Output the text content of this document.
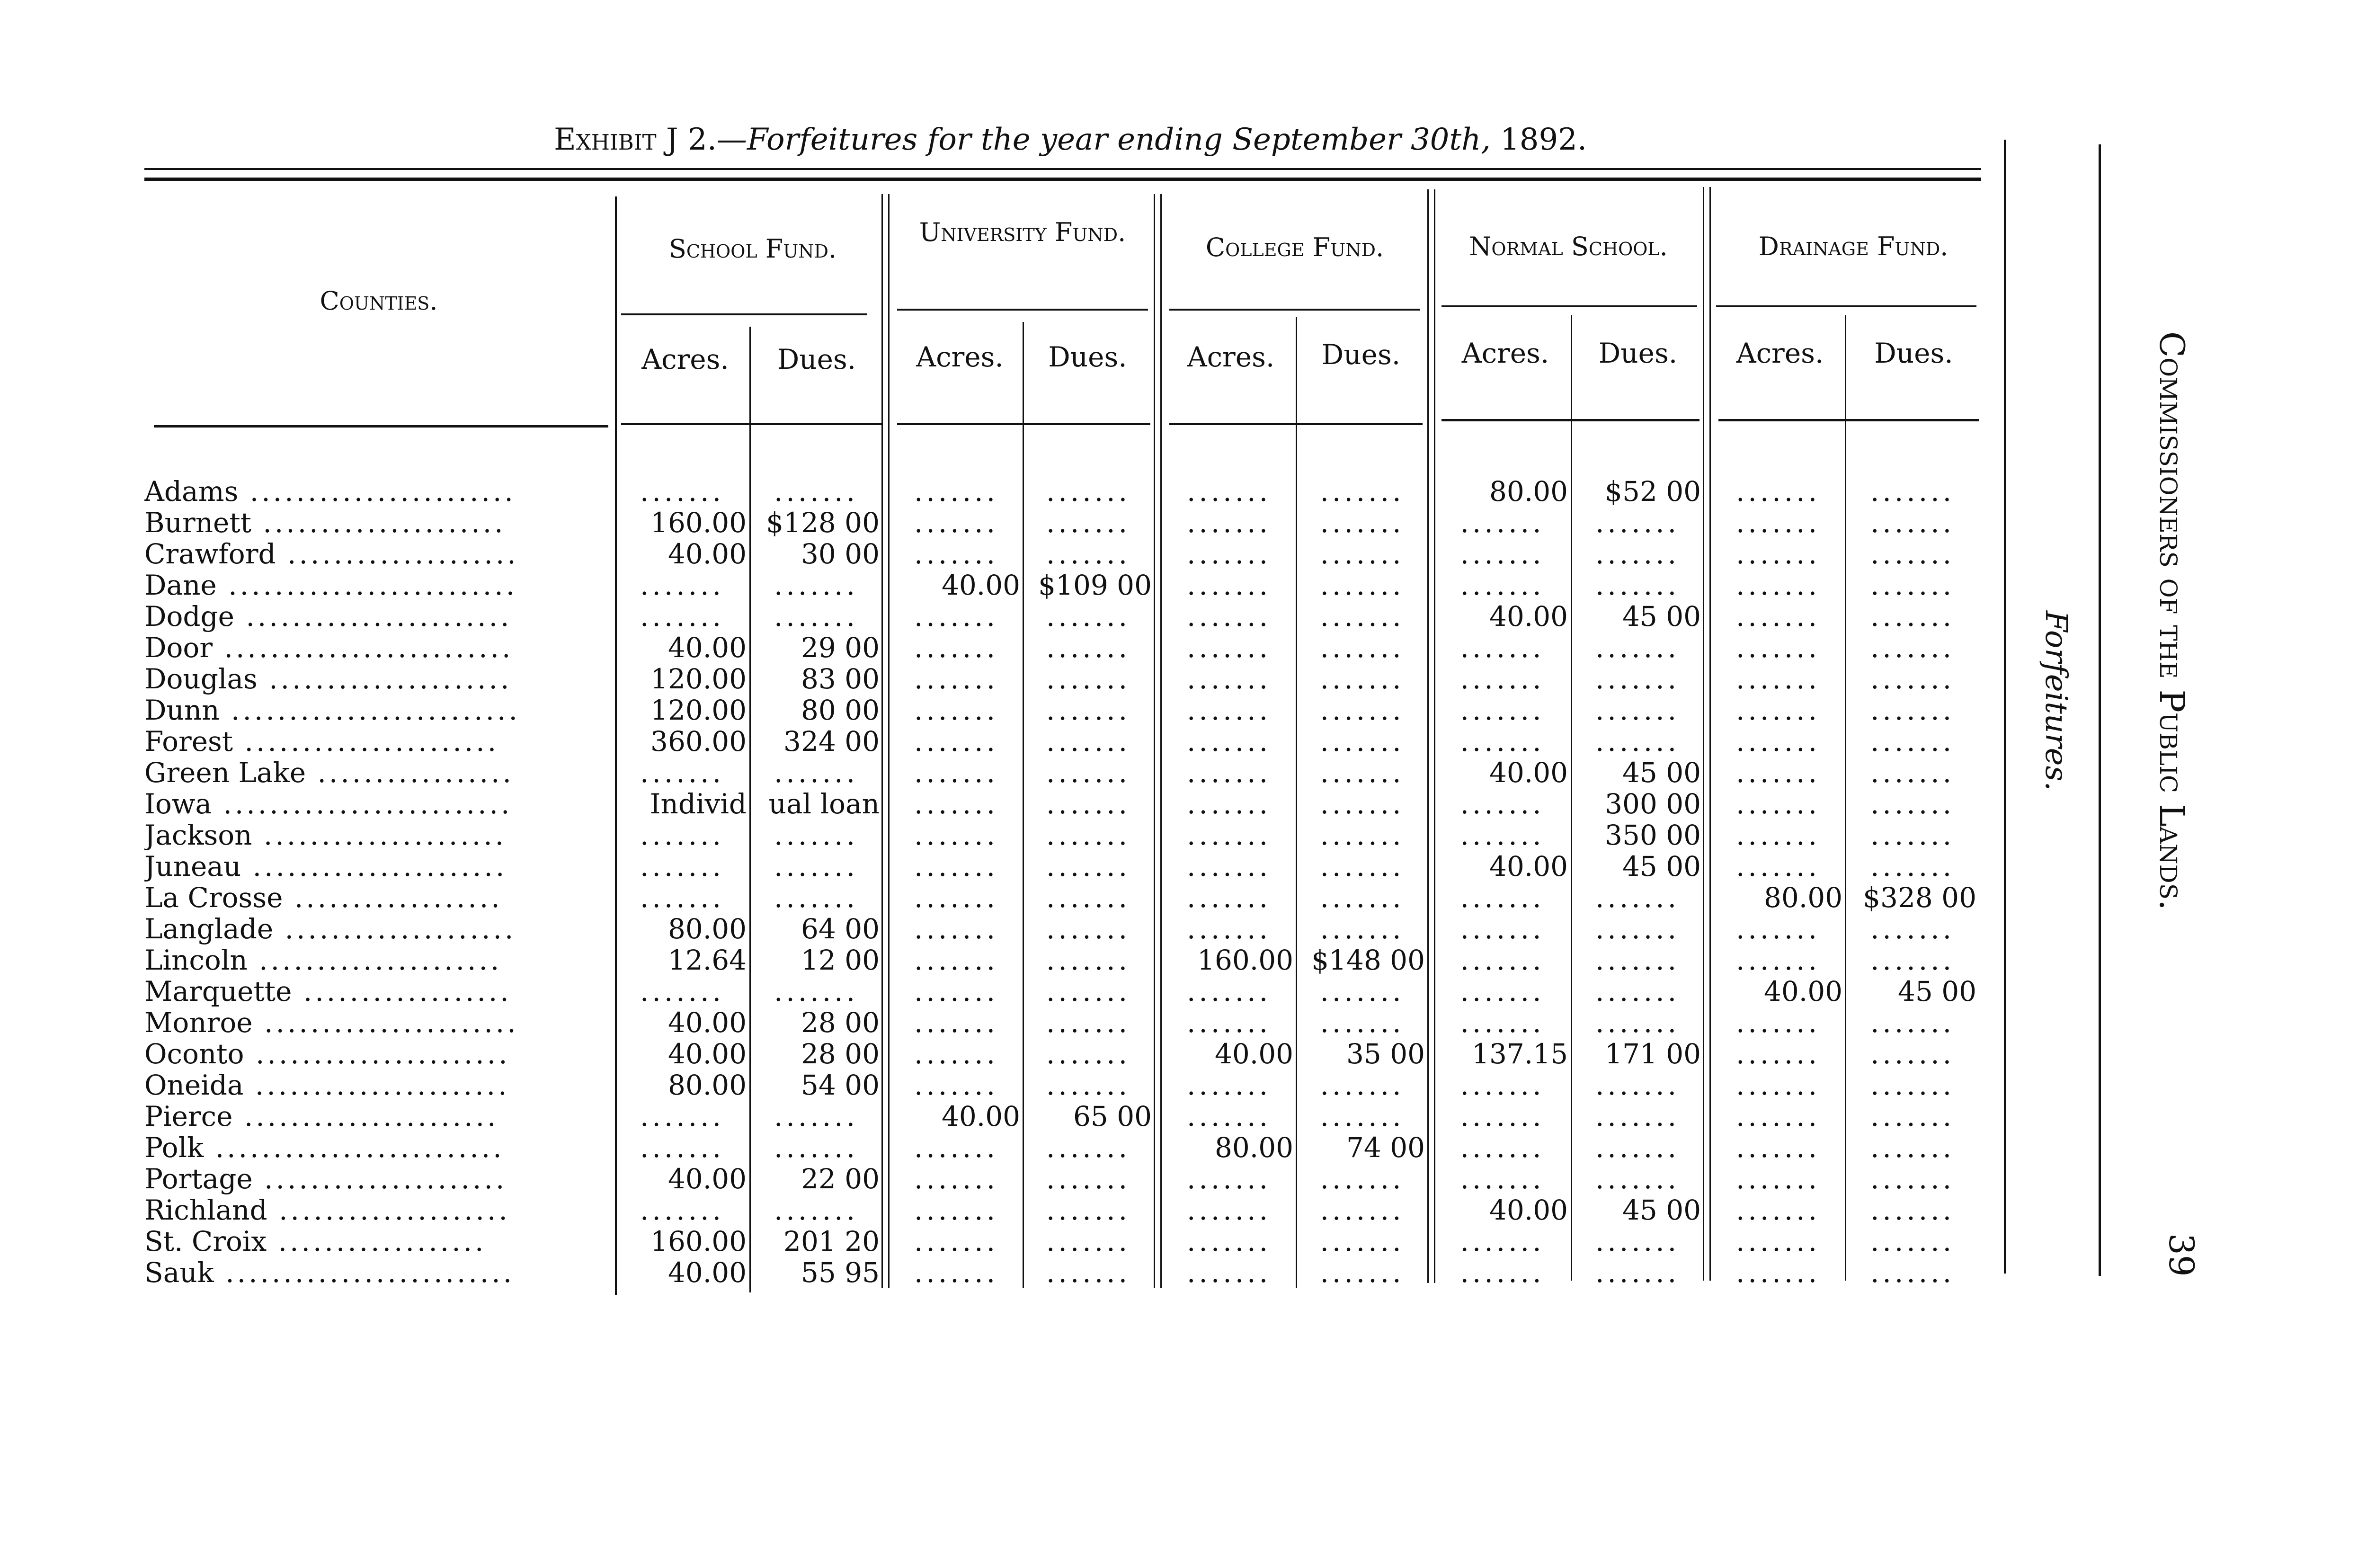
Exhibit J 2.—Forfeitures for the year ending September 30th, 1892.
Counties.
School Fund.
University Fund.
College Fund.	Normal School.	Drainage Fund.
Acres.	Dues.	Acres.	Dues.	Acres.	Dues.	Acres.	Dues.	Acres.	Dues.
Adams .......................	.......	.......	.......	.......	.......	.......	80.00	$52 00	.......	.......
Burnett .....................	160.00 $128 00	.......	.......	.......	.......	.......	.......	.......	.......
Crawford ....................	40.00	30 00	.......	.......	.......	.......	.......	.......	.......	.......
Dane .........................	.......	.......	40.00 $109 00	.......	.......	.......	.......	.......	.......
Dodge .......................	.......	.......	.......	.......	.......	.......	40.00	45 00	.......	.......
Door .........................	40.00	29 00	.......	.......	.......	.......	.......	.......	.......	.......
Douglas .....................	120.00	83 00	.......	.......	.......	.......	.......	.......	.......	.......
Dunn .........................	120.00	80 00	.......	.......	.......	.......	.......	.......	.......	.......
Forest ......................	360.00	324 00	.......	.......	.......	.......	.......	.......	.......	.......
Green Lake .................	.......	.......	.......	.......	.......	.......	40.00	45 00	.......	.......
Iowa .........................	Individ ual loan	.......	.......	.......	.......	.......	300 00	.......	.......
Jackson .....................	.......	.......	.......	.......	.......	.......	.......	350 00	.......	.......
Juneau ......................	.......	.......	.......	.......	.......	.......	40.00	45 00	.......	.......
La Crosse ..................	.......	.......	.......	.......	.......	.......	.......	.......	80.00 $328 00
Langlade ....................	80.00	64 00	.......	.......	.......	.......	.......	.......	.......	.......
Lincoln .....................	12.64	12 00	.......	.......	160.00 $148 00	.......	.......	.......	.......
Marquette ..................	.......	.......	.......	.......	.......	.......	.......	.......	40.00	45 00
Monroe ......................	40.00	28 00	.......	.......	.......	.......	.......	.......	.......	.......
Oconto ......................	40.00	28 00	.......	.......	40.00	35 00	137.15	171 00	.......	.......
Oneida ......................	80.00	54 00	.......	.......	.......	.......	.......	.......	.......	.......
Pierce ......................	.......	.......	40.00	65 00	.......	.......	.......	.......	.......	.......
Polk .........................	.......	.......	.......	.......	80.00	74 00	.......	.......	.......	.......
Portage .....................	40.00	22 00	.......	.......	.......	.......	.......	.......	.......	.......
Richland ....................	.......	.......	.......	.......	.......	.......	40.00	45 00	.......	.......
St. Croix ..................	160.00	201 20	.......	.......	.......	.......	.......	.......	.......	.......
Sauk .........................	40.00	55 95	.......	.......	.......	.......	.......	.......	.......	.......
Commissioners of the Public Lands.
Forfeitures.
39
